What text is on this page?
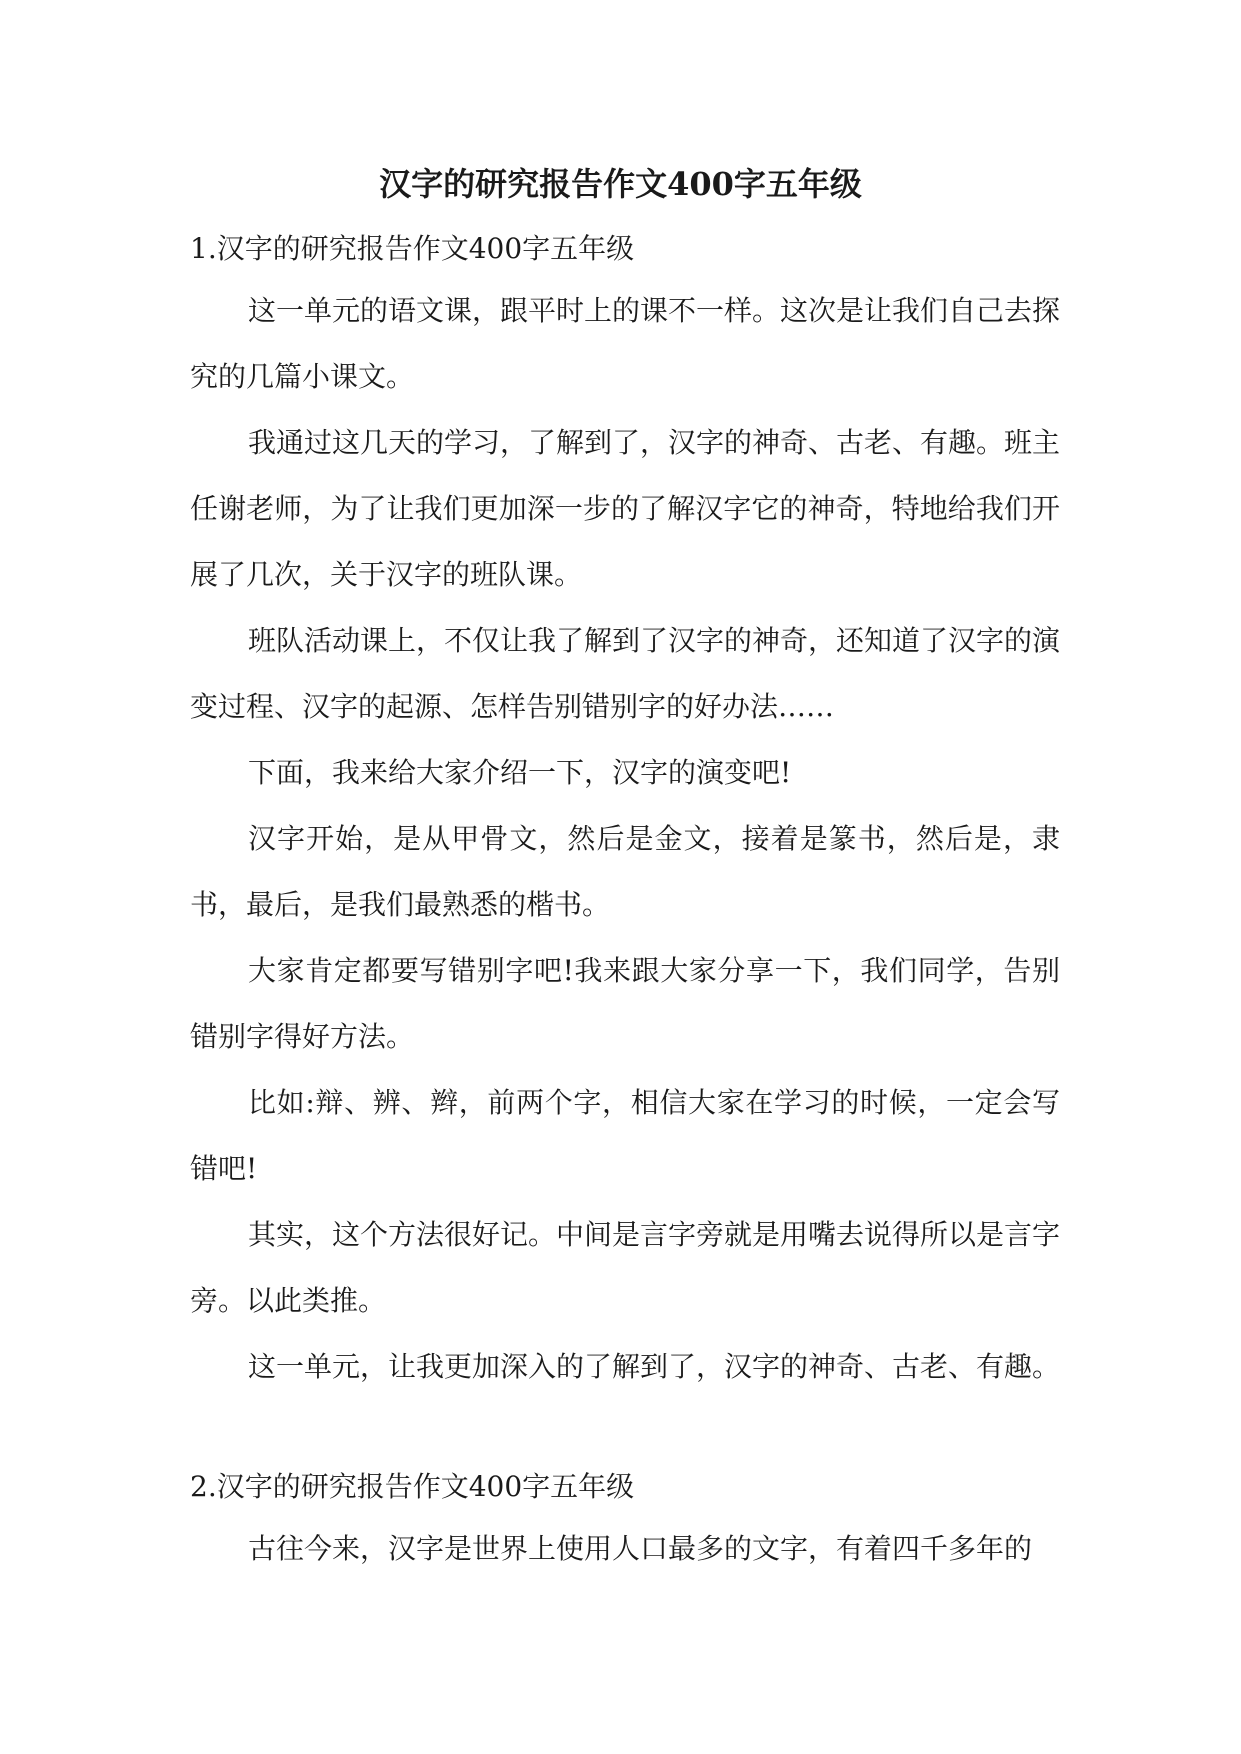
汉字的研究报告作文400字五年级
1.汉字的研究报告作文400字五年级
这一单元的语文课，跟平时上的课不一样。这次是让我们自己去探究的几篇小课文。
我通过这几天的学习，了解到了，汉字的神奇、古老、有趣。班主任谢老师，为了让我们更加深一步的了解汉字它的神奇，特地给我们开展了几次，关于汉字的班队课。
班队活动课上，不仅让我了解到了汉字的神奇，还知道了汉字的演变过程、汉字的起源、怎样告别错别字的好办法……
下面，我来给大家介绍一下，汉字的演变吧!
汉字开始，是从甲骨文，然后是金文，接着是篆书，然后是，隶书，最后，是我们最熟悉的楷书。
大家肯定都要写错别字吧!我来跟大家分享一下，我们同学，告别错别字得好方法。
比如:辩、辨、辫，前两个字，相信大家在学习的时候，一定会写错吧!
其实，这个方法很好记。中间是言字旁就是用嘴去说得所以是言字旁。以此类推。
这一单元，让我更加深入的了解到了，汉字的神奇、古老、有趣。
2.汉字的研究报告作文400字五年级
古往今来，汉字是世界上使用人口最多的文字，有着四千多年的
